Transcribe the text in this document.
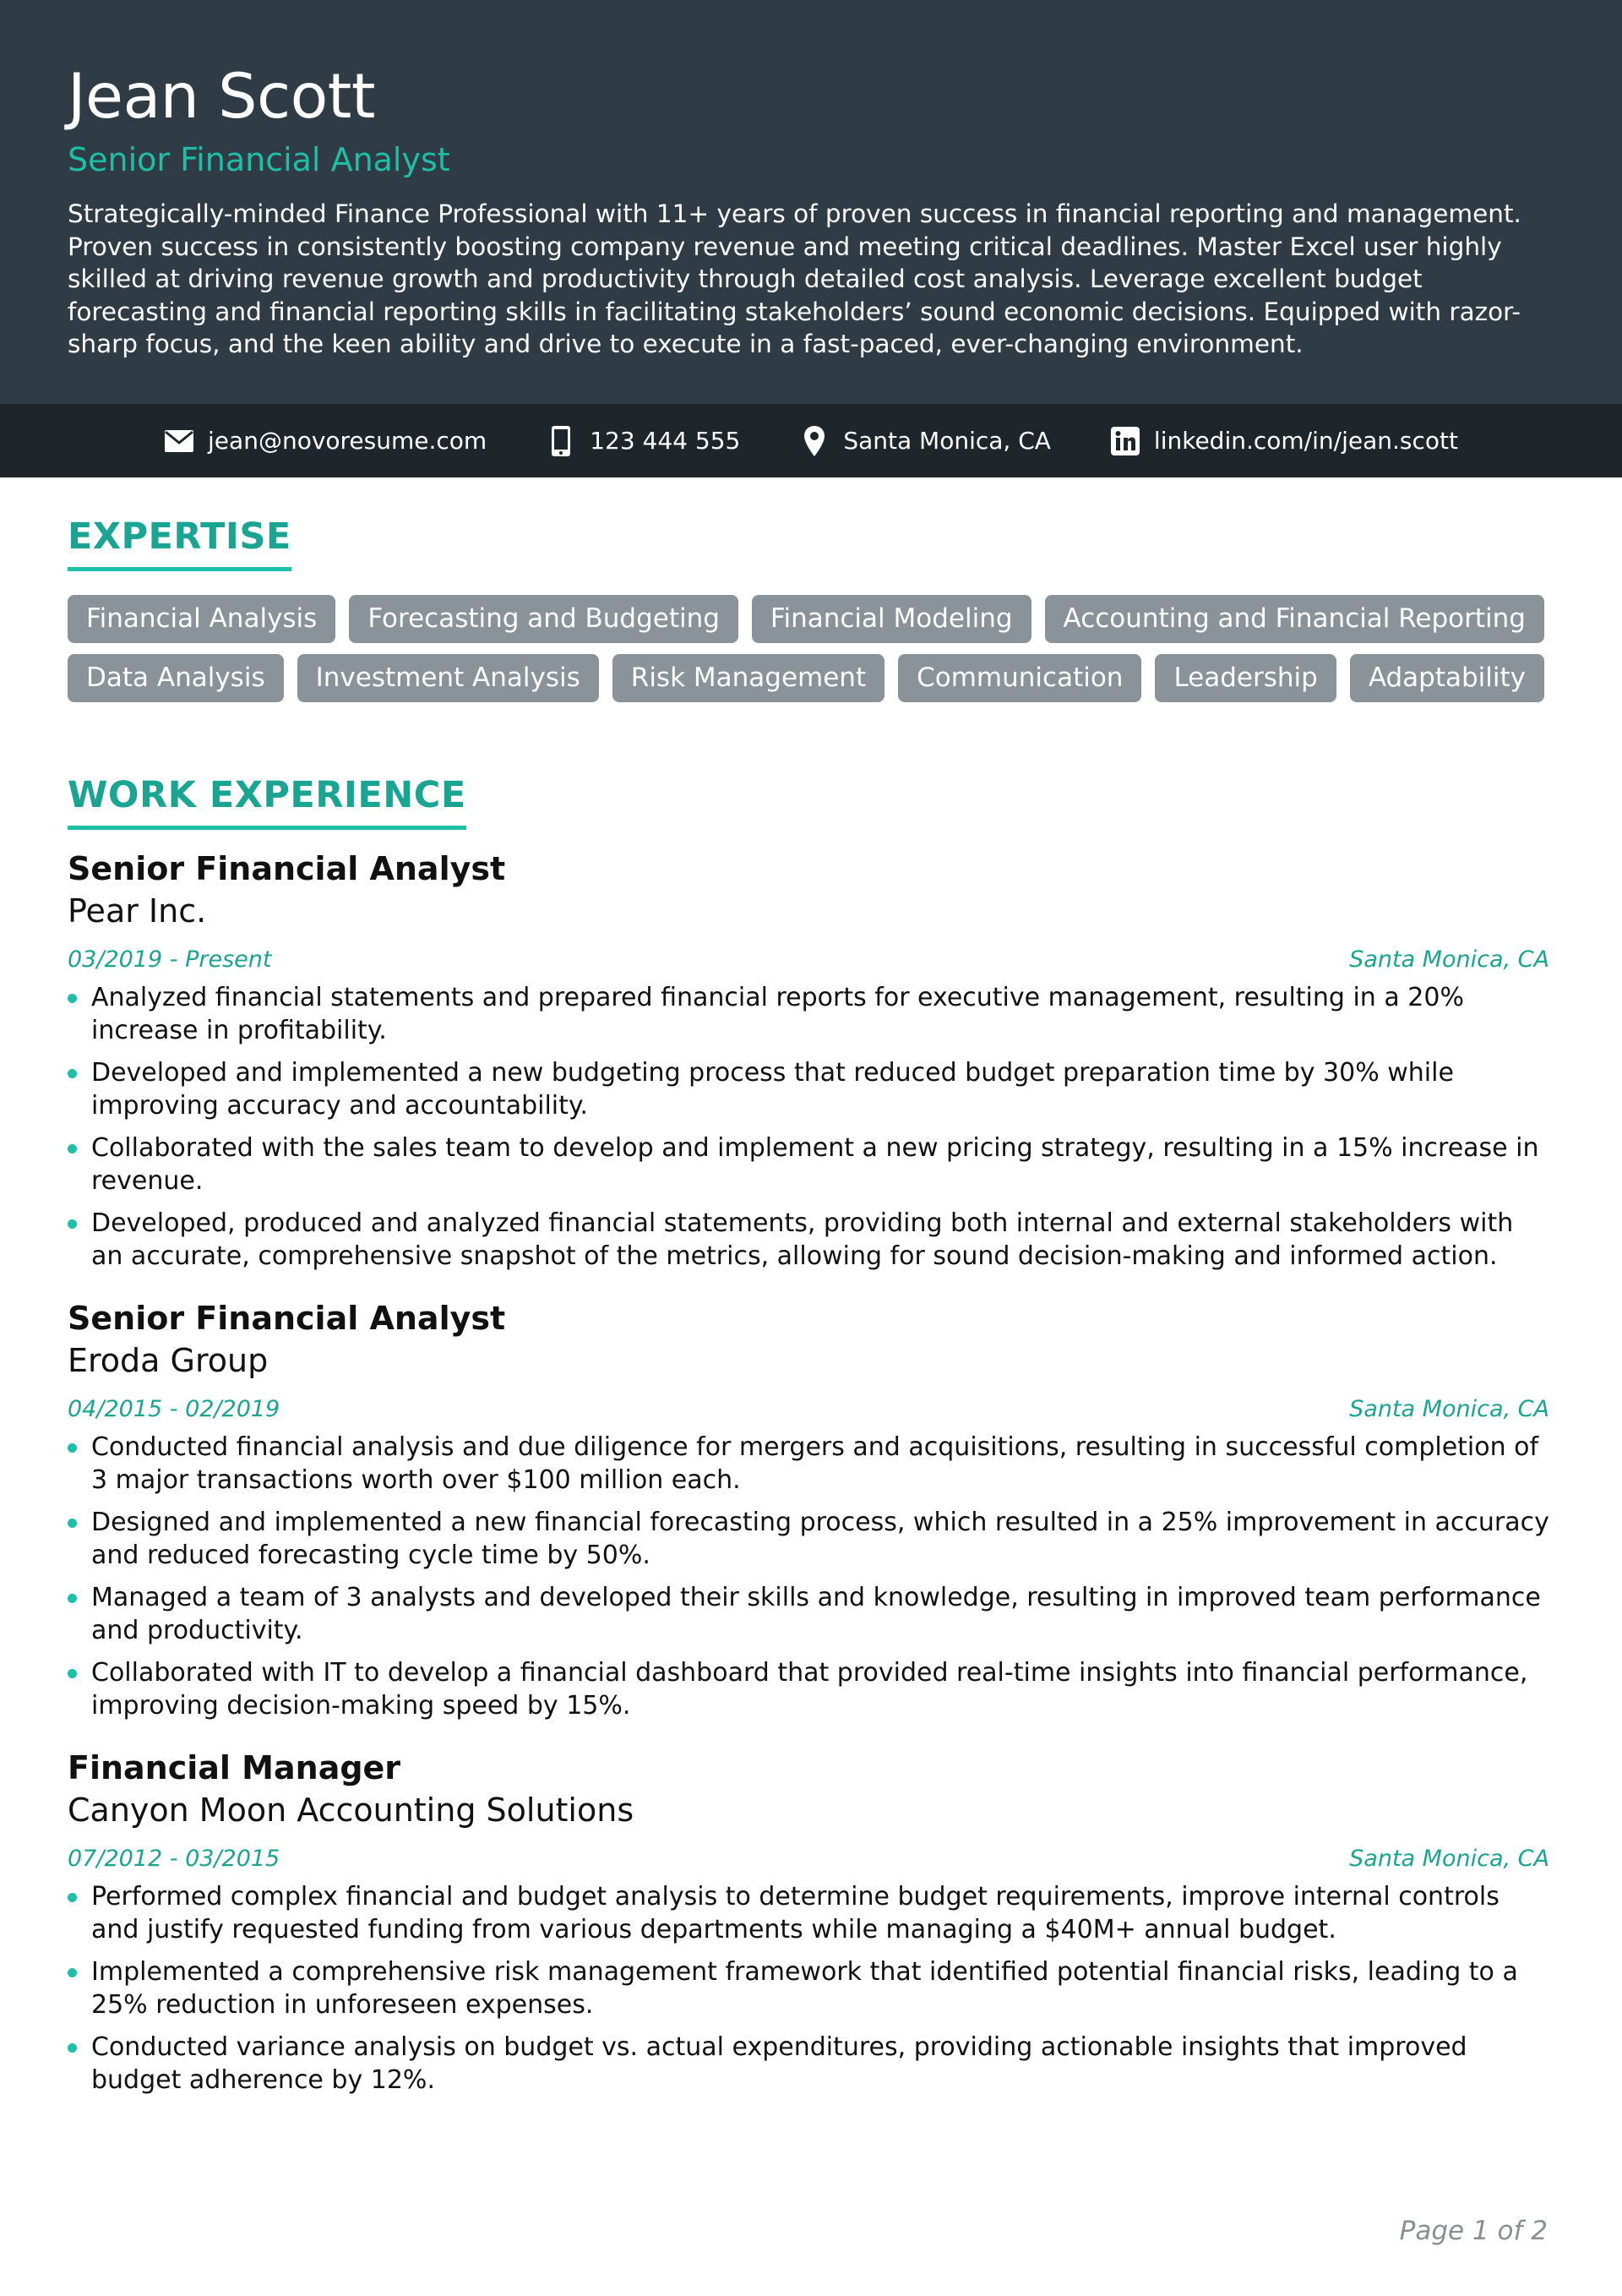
Jean Scott
Senior Financial Analyst

Strategically-minded Finance Professional with 11+ years of proven success in financial reporting and management. Proven success in consistently boosting company revenue and meeting critical deadlines. Master Excel user highly skilled at driving revenue growth and productivity through detailed cost analysis. Leverage excellent budget forecasting and financial reporting skills in facilitating stakeholders’ sound economic decisions. Equipped with razor-sharp focus, and the keen ability and drive to execute in a fast-paced, ever-changing environment.

jean@novoresume.com	123 444 555	Santa Monica, CA	linkedin.com/in/jean.scott
EXPERTISE
Financial Analysis	Forecasting and Budgeting	Financial Modeling	Accounting and Financial Reporting
Data Analysis	Investment Analysis	Risk Management	Communication	Leadership	Adaptability
WORK EXPERIENCE
Senior Financial Analyst
Pear Inc.
03/2019 - Present	Santa Monica, CA
Analyzed financial statements and prepared financial reports for executive management, resulting in a 20% increase in profitability.
Developed and implemented a new budgeting process that reduced budget preparation time by 30% while improving accuracy and accountability.
Collaborated with the sales team to develop and implement a new pricing strategy, resulting in a 15% increase in revenue.
Developed, produced and analyzed financial statements, providing both internal and external stakeholders with an accurate, comprehensive snapshot of the metrics, allowing for sound decision-making and informed action.
Senior Financial Analyst
Eroda Group
04/2015 - 02/2019	Santa Monica, CA
Conducted financial analysis and due diligence for mergers and acquisitions, resulting in successful completion of 3 major transactions worth over $100 million each.
Designed and implemented a new financial forecasting process, which resulted in a 25% improvement in accuracy and reduced forecasting cycle time by 50%.
Managed a team of 3 analysts and developed their skills and knowledge, resulting in improved team performance and productivity.
Collaborated with IT to develop a financial dashboard that provided real-time insights into financial performance, improving decision-making speed by 15%.
Financial Manager
Canyon Moon Accounting Solutions
07/2012 - 03/2015	Santa Monica, CA
Performed complex financial and budget analysis to determine budget requirements, improve internal controls and justify requested funding from various departments while managing a $40M+ annual budget.
Implemented a comprehensive risk management framework that identified potential financial risks, leading to a 25% reduction in unforeseen expenses.
Conducted variance analysis on budget vs. actual expenditures, providing actionable insights that improved budget adherence by 12%.
Page 1 of 2
